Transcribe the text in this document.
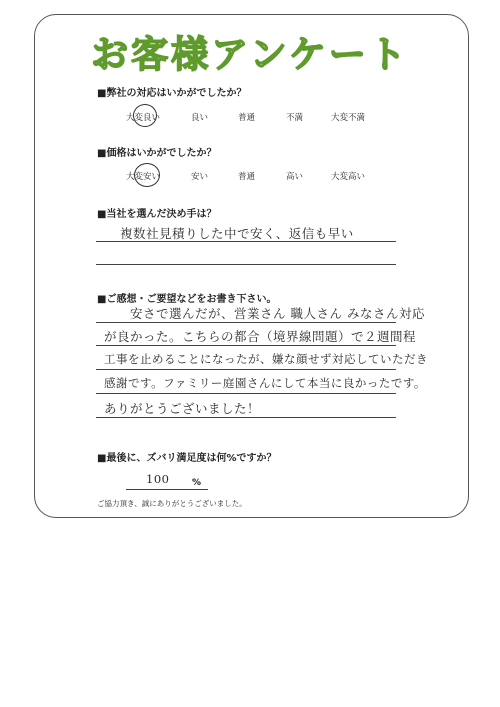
お客様アンケート
■弊社の対応はいかがでしたか？
大変良い	良い	普通	不満	大変不満
■価格はいかがでしたか？
大変安い	安い	普通	高い	大変高い
■当社を選んだ決め手は？
複数社見積りした中で安く、返信も早い
■ご感想・ご要望などをお書き下さい。
安さで選んだが、営業さん 職人さん みなさん対応
が良かった。こちらの都合（境界線問題）で２週間程
工事を止めることになったが、嫌な顔せず対応していただき
感謝です。ファミリー庭園さんにして本当に良かったです。
ありがとうございました！
■最後に、ズバリ満足度は何%ですか？
100	%
ご協力頂き、誠にありがとうございました。
